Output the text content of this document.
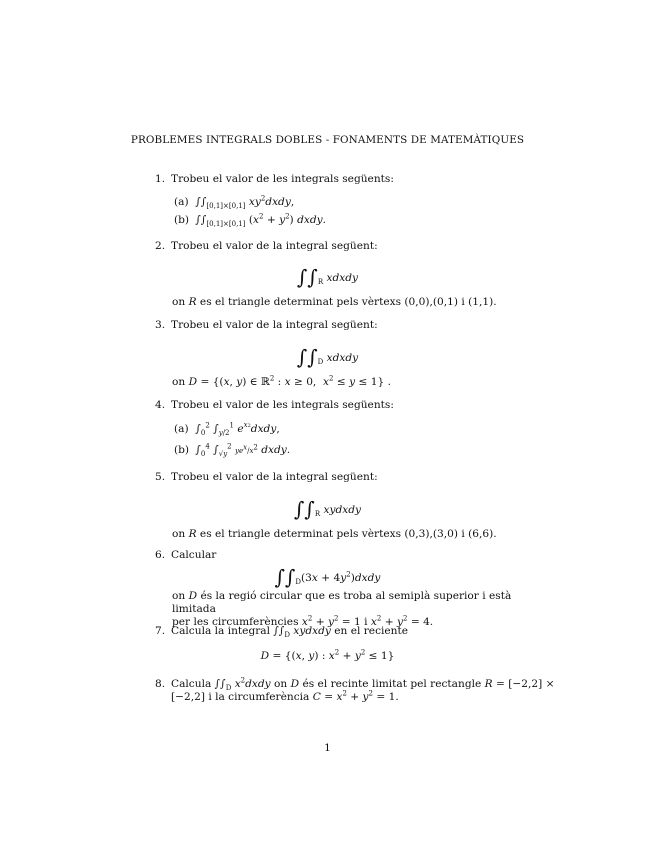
PROBLEMES INTEGRALS DOBLES - FONAMENTS DE MATEMÀTIQUES
1. Trobeu el valor de les integrals següents:
(a) $\int\int_{[0,1]\times[0,1]}$ $xy^2dxdy$,
(b) $\int\int_{[0,1]\times[0,1]}$ $(x^2 + y^2)$ dxdy.
2. Trobeu el valor de la integral següent:
$\int\int_R$ xdxdy
on R es el triangle determinat pels vèrtexs (0,0),(0,1) i (1,1).
3. Trobeu el valor de la integral següent:
$\int\int_D$ xdxdy
on D = {(x, y) ∈ ℝ$^2$ : x ≥ 0,  $x^2 \le y \le 1$} .
4. Trobeu el valor de les integrals següents:
(a) $\int_0^2$ $\int_{y/2}^1$ $e^{x2}dxdy$,
(b) $\int_0^4$ $\int_{√y}^2$ $ye^x/x^2$ dxdy.
5. Trobeu el valor de la integral següent:
$\int\int_R$ xydxdy
on R es el triangle determinat pels vèrtexs (0,3),(3,0) i (6,6).
6. Calcular
$\int\int_D(3x$ + $4y^2)dxdy$
on D és la regió circular que es troba al semiplà superior i està limitada
per les circumferències $x^2 + y^2 = 1$ i $x^2 + y^2 = 4$.
7. Calcula la integral $\int\int_D$ xydxdy en el reciente
D = {(x, y) : $x^2 + y^2 \le 1$}
8. Calcula $\int\int_D$ $x^2dxdy$ on D és el recinte limitat pel rectangle R = [−2,2] ×
[−2,2] i la circumferència $C = x^2 + y^2 = 1$.
1
